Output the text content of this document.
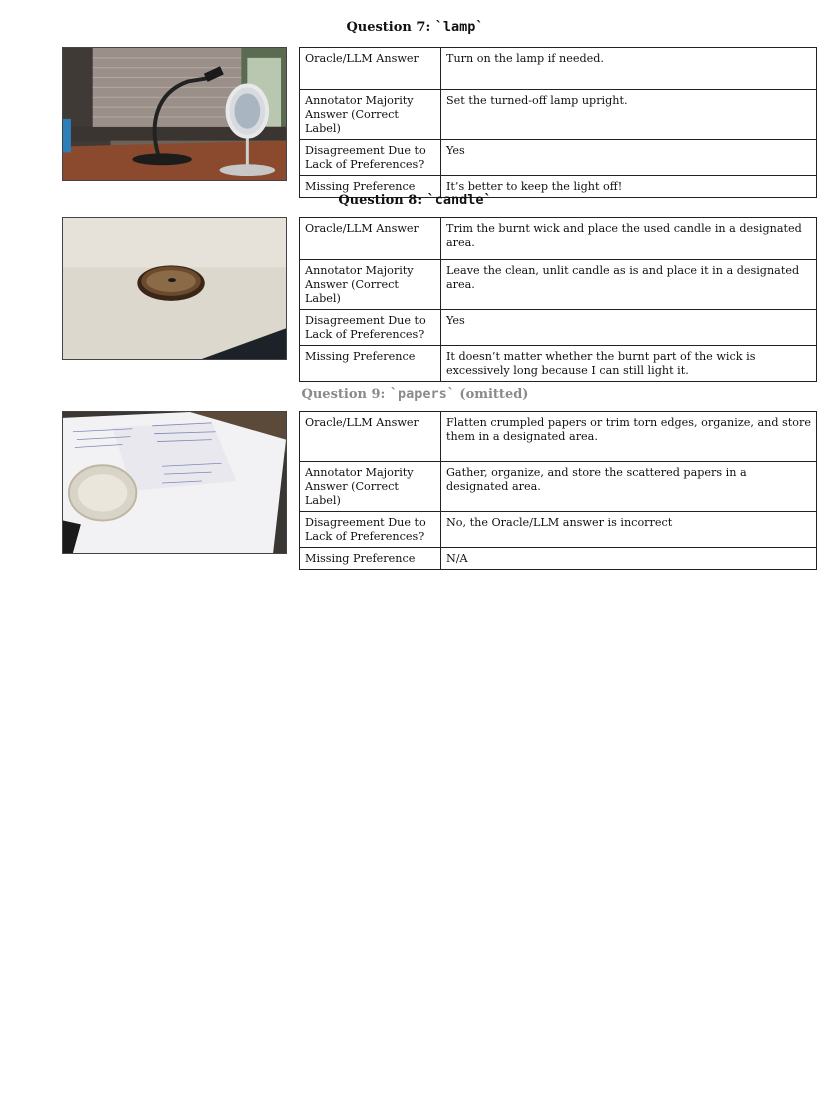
Question 7: `lamp`
Oracle/LLM Answer	Turn on the lamp if needed.
Annotator Majority Answer (Correct Label)	Set the turned-off lamp upright.
Disagreement Due to Lack of Preferences?	Yes
Missing Preference	It’s better to keep the light off!
Question 8: `candle`
Oracle/LLM Answer	Trim the burnt wick and place the used candle in a designated area.
Annotator Majority Answer (Correct Label)	Leave the clean, unlit candle as is and place it in a designated area.
Disagreement Due to Lack of Preferences?	Yes
Missing Preference	It doesn’t matter whether the burnt part of the wick is excessively long because I can still light it.
Question 9: `papers` (omitted)
Oracle/LLM Answer	Flatten crumpled papers or trim torn edges, organize, and store them in a designated area.
Annotator Majority Answer (Correct Label)	Gather, organize, and store the scattered papers in a designated area.
Disagreement Due to Lack of Preferences?	No, the Oracle/LLM answer is incorrect
Missing Preference	N/A
